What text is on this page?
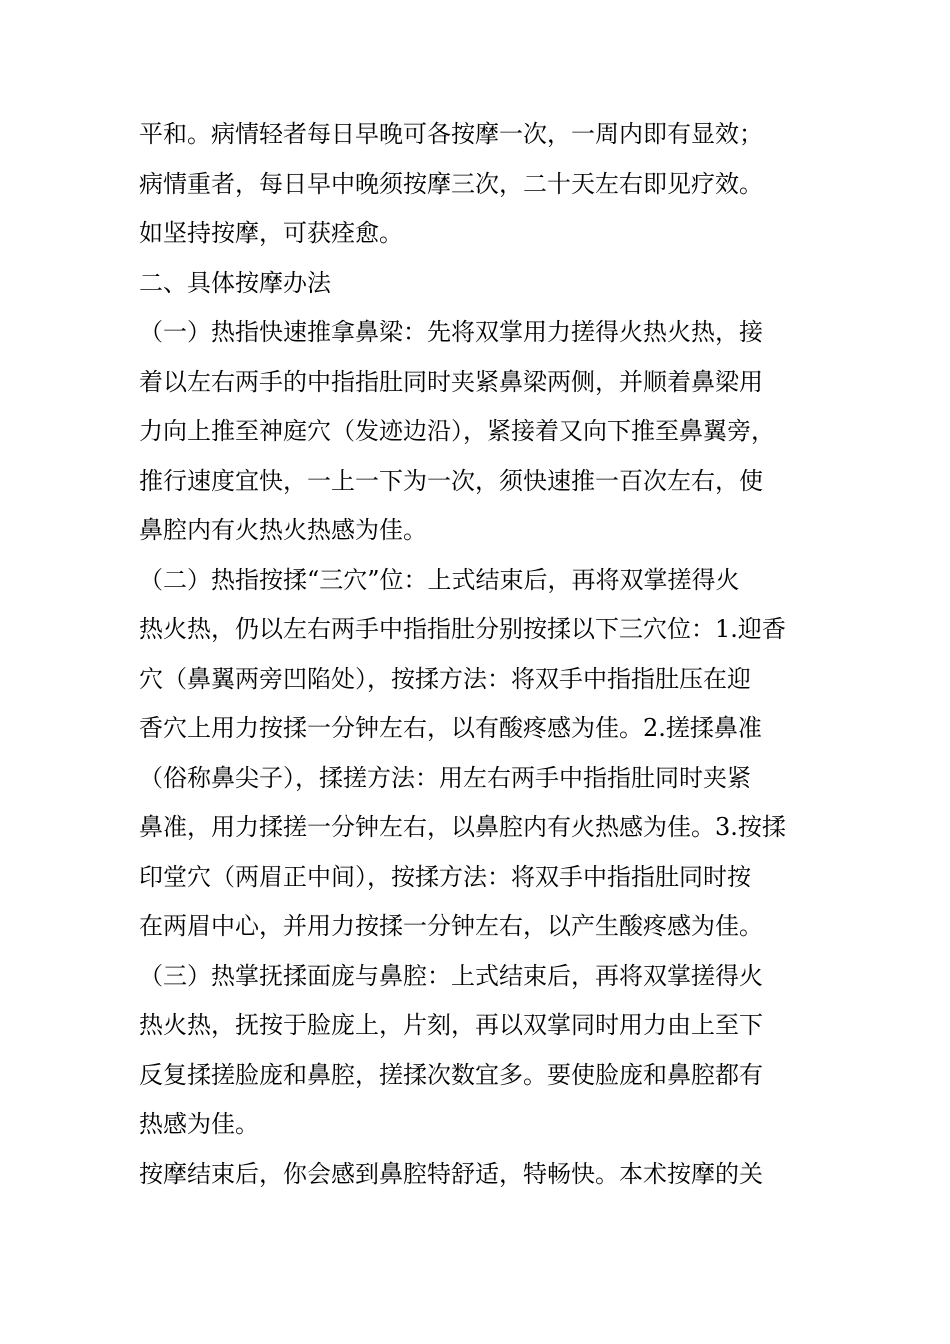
平和。病情轻者每日早晚可各按摩一次，一周内即有显效；
病情重者，每日早中晚须按摩三次，二十天左右即见疗效。
如坚持按摩，可获痊愈。
二、具体按摩办法
（一）热指快速推拿鼻梁：先将双掌用力搓得火热火热，接
着以左右两手的中指指肚同时夹紧鼻梁两侧，并顺着鼻梁用
力向上推至神庭穴（发迹边沿），紧接着又向下推至鼻翼旁，
推行速度宜快，一上一下为一次，须快速推一百次左右，使
鼻腔内有火热火热感为佳。
（二）热指按揉“三穴”位：上式结束后，再将双掌搓得火
热火热，仍以左右两手中指指肚分别按揉以下三穴位：1.迎香
穴（鼻翼两旁凹陷处），按揉方法：将双手中指指肚压在迎
香穴上用力按揉一分钟左右，以有酸疼感为佳。2.搓揉鼻准
（俗称鼻尖子），揉搓方法：用左右两手中指指肚同时夹紧
鼻准，用力揉搓一分钟左右，以鼻腔内有火热感为佳。3.按揉
印堂穴（两眉正中间），按揉方法：将双手中指指肚同时按
在两眉中心，并用力按揉一分钟左右，以产生酸疼感为佳。
（三）热掌抚揉面庞与鼻腔：上式结束后，再将双掌搓得火
热火热，抚按于脸庞上，片刻，再以双掌同时用力由上至下
反复揉搓脸庞和鼻腔，搓揉次数宜多。要使脸庞和鼻腔都有
热感为佳。
按摩结束后，你会感到鼻腔特舒适，特畅快。本术按摩的关
